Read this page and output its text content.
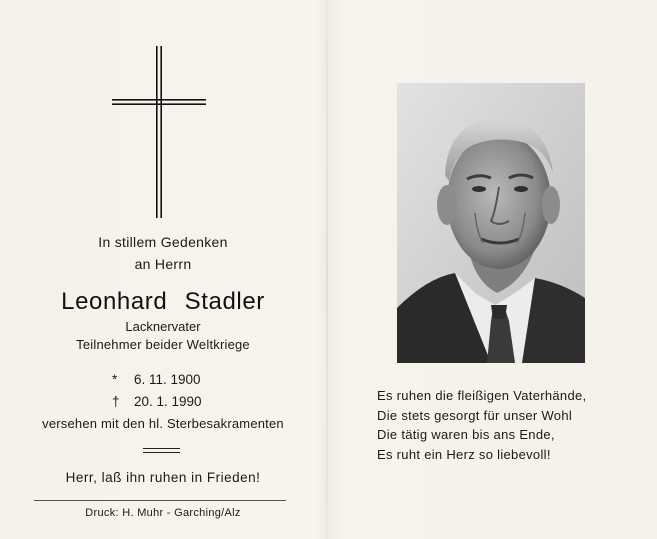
In stillem Gedenken
an Herrn
Leonhard Stadler
Lacknervater
Teilnehmer beider Weltkriege
* 6. 11. 1900
† 20. 1. 1990
versehen mit den hl. Sterbesakramenten
Herr, laß ihn ruhen in Frieden!
Druck: H. Muhr - Garching/Alz
Es ruhen die fleißigen Vaterhände,
Die stets gesorgt für unser Wohl
Die tätig waren bis ans Ende,
Es ruht ein Herz so liebevoll!
